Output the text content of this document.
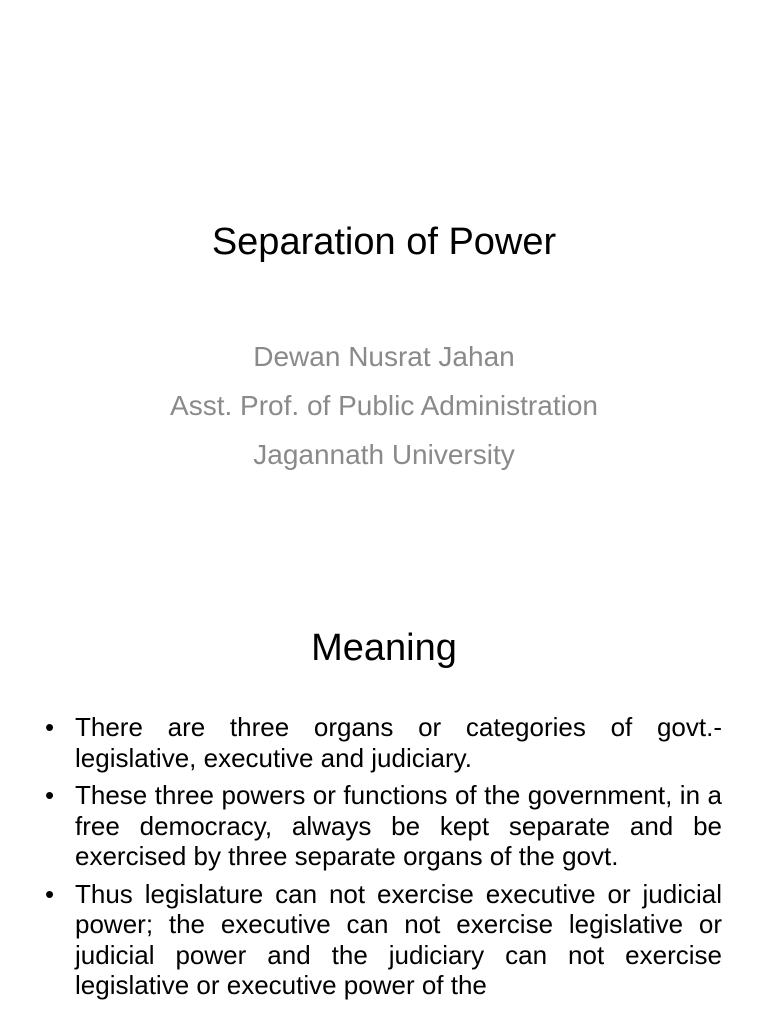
Separation of Power
Dewan Nusrat Jahan
Asst. Prof. of Public Administration
Jagannath University
Meaning
• There are three organs or categories of govt.- legislative, executive and judiciary.
• These three powers or functions of the government, in a free democracy, always be kept separate and be exercised by three separate organs of the govt.
• Thus legislature can not exercise executive or judicial power; the executive can not exercise legislative or judicial power and the judiciary can not exercise legislative or executive power of the
